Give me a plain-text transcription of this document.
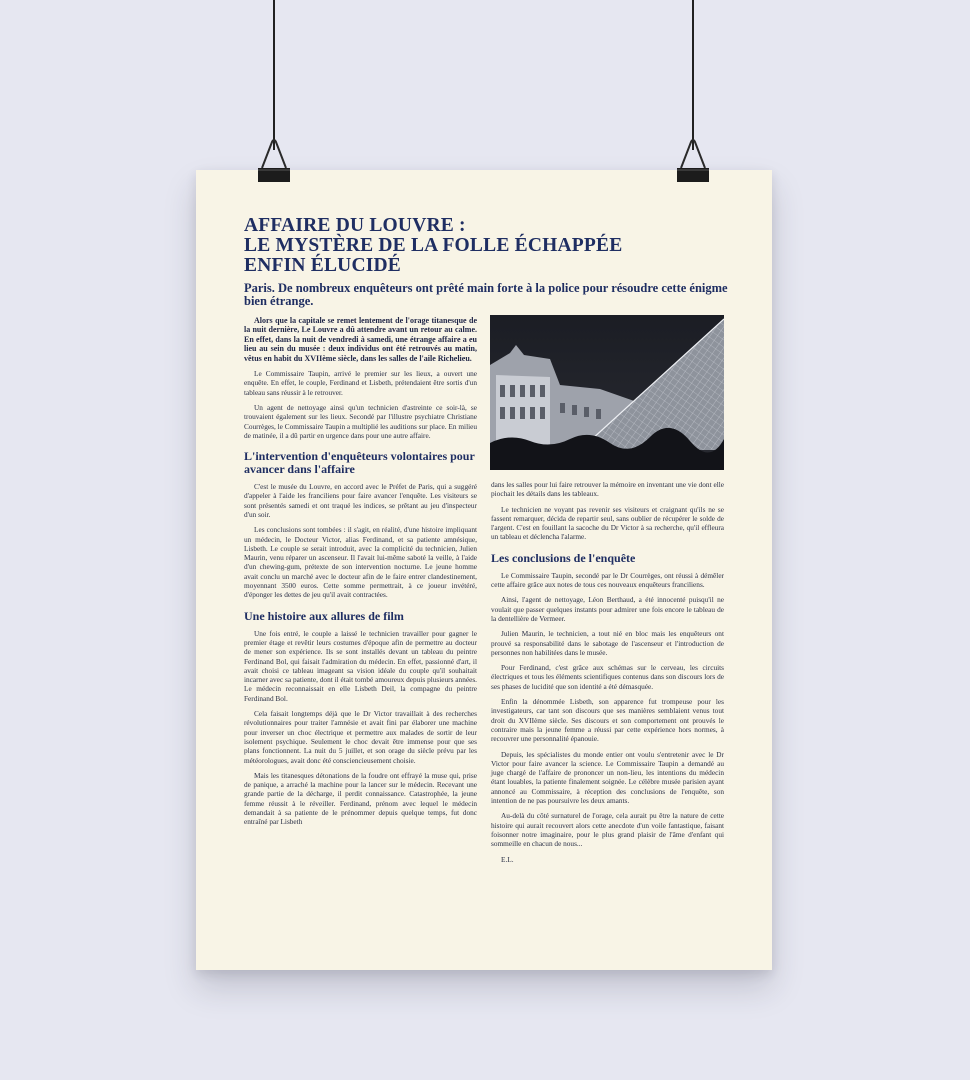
AFFAIRE DU LOUVRE :
LE MYSTÈRE DE LA FOLLE ÉCHAPPÉE
ENFIN ÉLUCIDÉ
Paris. De nombreux enquêteurs ont prêté main forte à la police pour résoudre cette énigme bien étrange.

Alors que la capitale se remet lentement de l'orage titanesque de la nuit dernière, Le Louvre a dû attendre avant un retour au calme. En effet, dans la nuit de vendredi à samedi, une étrange affaire a eu lieu au sein du musée : deux individus ont été retrouvés au matin, vêtus en habit du XVIIème siècle, dans les salles de l'aile Richelieu.

Le Commissaire Taupin, arrivé le premier sur les lieux, a ouvert une enquête. En effet, le couple, Ferdinand et Lisbeth, prétendaient être sortis d'un tableau sans réussir à le retrouver.

Un agent de nettoyage ainsi qu'un technicien d'astreinte ce soir-là, se trouvaient également sur les lieux. Secondé par l'illustre psychiatre Christiane Courrèges, le Commissaire Taupin a multiplié les auditions sur place. En milieu de matinée, il a dû partir en urgence dans pour une autre affaire.

L'intervention d'enquêteurs volontaires pour avancer dans l'affaire

C'est le musée du Louvre, en accord avec le Préfet de Paris, qui a suggéré d'appeler à l'aide les franciliens pour faire avancer l'enquête. Les visiteurs se sont présentés samedi et ont traqué les indices, se prêtant au jeu d'inspecteur d'un soir.

Les conclusions sont tombées : il s'agit, en réalité, d'une histoire impliquant un médecin, le Docteur Victor, alias Ferdinand, et sa patiente amnésique, Lisbeth. Le couple se serait introduit, avec la complicité du technicien, Julien Maurin, venu réparer un ascenseur. Il l'avait lui-même saboté la veille, à l'aide d'un chewing-gum, prétexte de son intervention nocturne. Le jeune homme avait conclu un marché avec le docteur afin de le faire entrer clandestinement, moyennant 3500 euros. Cette somme permettrait, à ce joueur invétéré, d'éponger les dettes de jeu qu'il avait contractées.

Une histoire aux allures de film

Une fois entré, le couple a laissé le technicien travailler pour gagner le premier étage et revêtir leurs costumes d'époque afin de permettre au docteur de mener son expérience. Ils se sont installés devant un tableau du peintre Ferdinand Bol, qui faisait l'admiration du médecin. En effet, passionné d'art, il avait choisi ce tableau imageant sa vision idéale du couple qu'il souhaitait incarner avec sa patiente, dont il était tombé amoureux depuis plusieurs années. Le médecin reconnaissait en elle Lisbeth Deil, la compagne du peintre Ferdinand Bol.

Cela faisait longtemps déjà que le Dr Victor travaillait à des recherches révolutionnaires pour traiter l'amnésie et avait fini par élaborer une machine pour inverser un choc électrique et permettre aux malades de sortir de leur isolement psychique. Seulement le choc devait être immense pour que ses plans fonctionnent. La nuit du 5 juillet, et son orage du siècle prévu par les météorologues, avait donc été consciencieusement choisie.

Mais les titanesques détonations de la foudre ont effrayé la muse qui, prise de panique, a arraché la machine pour la lancer sur le médecin. Recevant une grande partie de la décharge, il perdit connaissance. Catastrophée, la jeune femme réussit à le réveiller. Ferdinand, prénom avec lequel le médecin demandait à sa patiente de le prénommer depuis quelque temps, fut donc entraîné par Lisbeth

dans les salles pour lui faire retrouver la mémoire en inventant une vie dont elle piochait les détails dans les tableaux.

Le technicien ne voyant pas revenir ses visiteurs et craignant qu'ils ne se fassent remarquer, décida de repartir seul, sans oublier de récupérer le solde de l'argent. C'est en fouillant la sacoche du Dr Victor à sa recherche, qu'il effleura un tableau et déclencha l'alarme.

Les conclusions de l'enquête

Le Commissaire Taupin, secondé par le Dr Courrèges, ont réussi à démêler cette affaire grâce aux notes de tous ces nouveaux enquêteurs franciliens.

Ainsi, l'agent de nettoyage, Léon Berthaud, a été innocenté puisqu'il ne voulait que passer quelques instants pour admirer une fois encore le tableau de la dentellière de Vermeer.

Julien Maurin, le technicien, a tout nié en bloc mais les enquêteurs ont prouvé sa responsabilité dans le sabotage de l'ascenseur et l'introduction de personnes non habilitées dans le musée.

Pour Ferdinand, c'est grâce aux schémas sur le cerveau, les circuits électriques et tous les éléments scientifiques contenus dans son discours lors de ses phases de lucidité que son identité a été démasquée.

Enfin la dénommée Lisbeth, son apparence fut trompeuse pour les investigateurs, car tant son discours que ses manières semblaient venus tout droit du XVIIème siècle. Ses discours et son comportement ont prouvés le contraire mais la jeune femme a réussi par cette expérience hors normes, à recouvrer une personnalité épanouie.

Depuis, les spécialistes du monde entier ont voulu s'entretenir avec le Dr Victor pour faire avancer la science. Le Commissaire Taupin a demandé au juge chargé de l'affaire de prononcer un non-lieu, les intentions du médecin étant louables, la patiente finalement soignée. Le célèbre musée parisien ayant annoncé au Commissaire, à réception des conclusions de l'enquête, son intention de ne pas poursuivre les deux amants.

Au-delà du côté surnaturel de l'orage, cela aurait pu être la nature de cette histoire qui aurait recouvert alors cette anecdote d'un voile fantastique, faisant foisonner notre imaginaire, pour le plus grand plaisir de l'âme d'enfant qui sommeille en chacun de nous...

E.L.
